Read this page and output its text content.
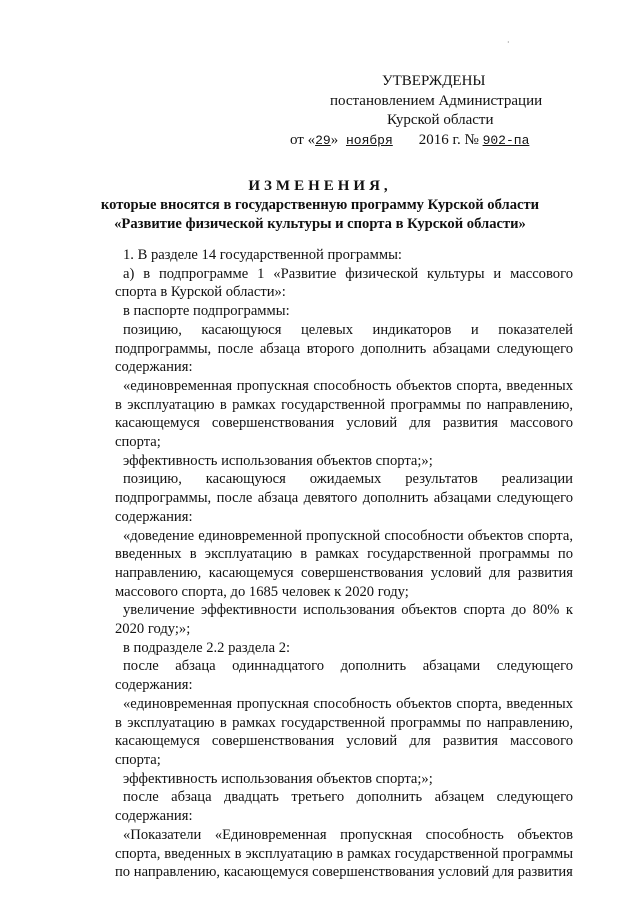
·
УТВЕРЖДЕНЫ
постановлением Администрации
Курской области
от «29» ноября 2016 г. № 902-па
ИЗМЕНЕНИЯ,
которые вносятся в государственную программу Курской области
«Развитие физической культуры и спорта в Курской области»

1. В разделе 14 государственной программы:

а) в подпрограмме 1 «Развитие физической культуры и массового спорта в Курской области»:

в паспорте подпрограммы:

позицию, касающуюся целевых индикаторов и показателей подпрограммы, после абзаца второго дополнить абзацами следующего содержания:

«единовременная пропускная способность объектов спорта, введенных в эксплуатацию в рамках государственной программы по направлению, касающемуся совершенствования условий для развития массового спорта;

эффективность использования объектов спорта;»;

позицию, касающуюся ожидаемых результатов реализации подпрограммы, после абзаца девятого дополнить абзацами следующего содержания:

«доведение единовременной пропускной способности объектов спорта, введенных в эксплуатацию в рамках государственной программы по направлению, касающемуся совершенствования условий для развития массового спорта, до 1685 человек к 2020 году;

увеличение эффективности использования объектов спорта до 80% к 2020 году;»;

в подразделе 2.2 раздела 2:

после абзаца одиннадцатого дополнить абзацами следующего содержания:

«единовременная пропускная способность объектов спорта, введенных в эксплуатацию в рамках государственной программы по направлению, касающемуся совершенствования условий для развития массового спорта;

эффективность использования объектов спорта;»;

после абзаца двадцать третьего дополнить абзацем следующего содержания:

«Показатели «Единовременная пропускная способность объектов спорта, введенных в эксплуатацию в рамках государственной программы по направлению, касающемуся совершенствования условий для развития
